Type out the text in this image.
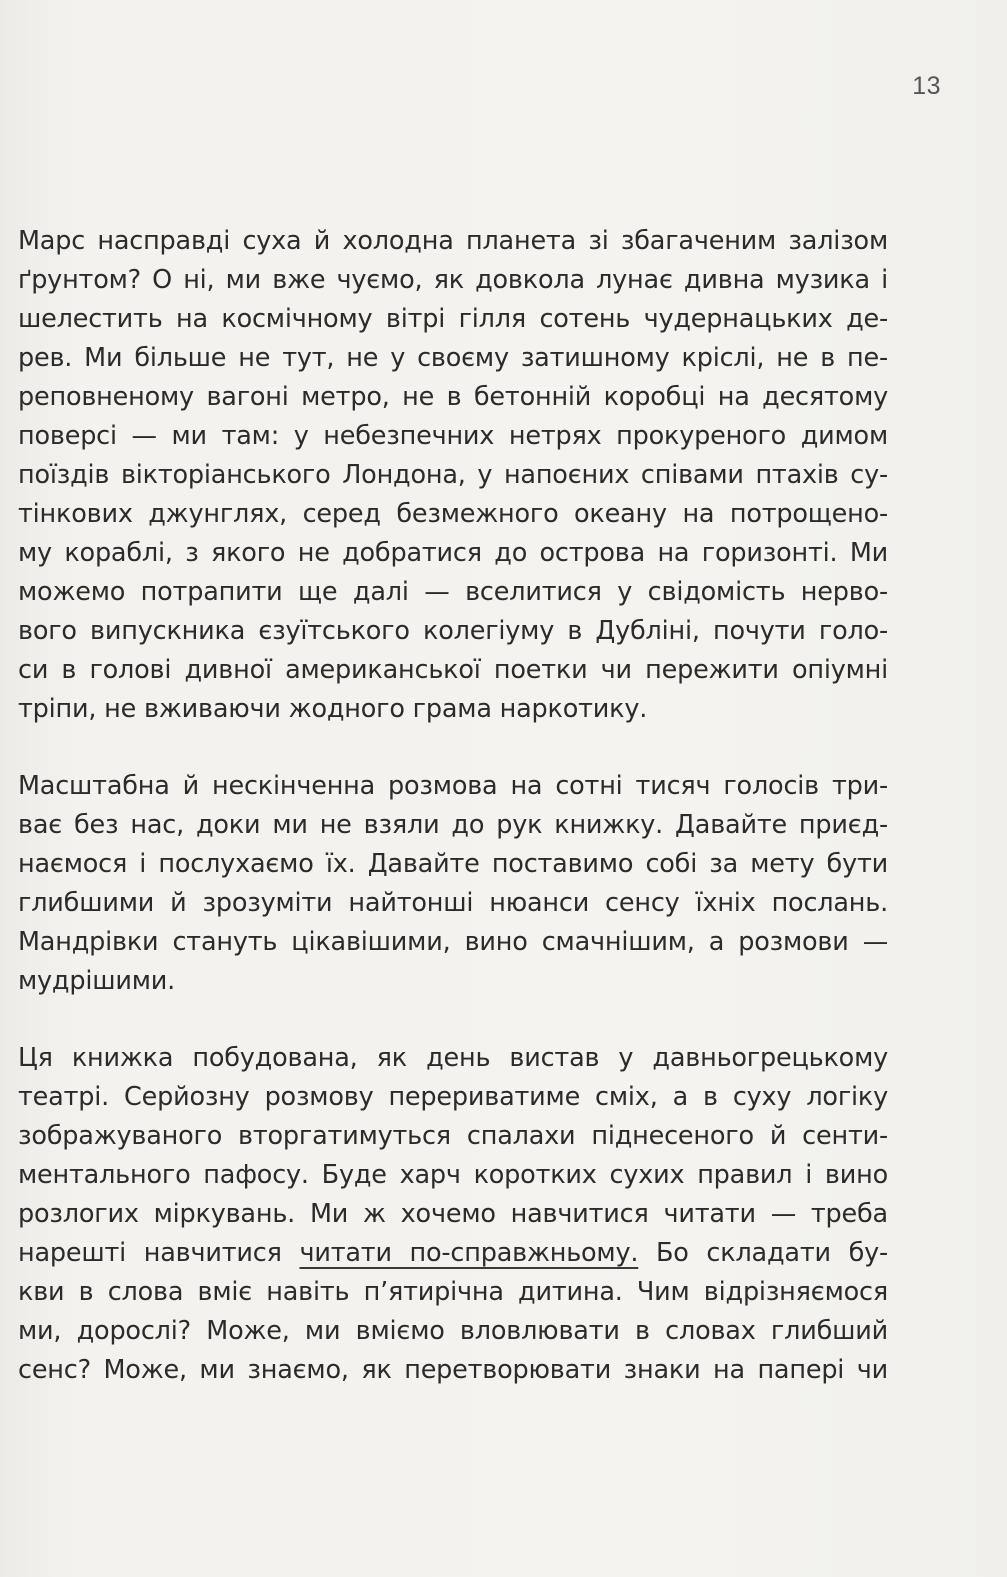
13
Марс насправді суха й холодна планета зі збагаченим залізом
ґрунтом? О ні, ми вже чуємо, як довкола лунає дивна музика і
шелестить на космічному вітрі гілля сотень чудернацьких де-
рев. Ми більше не тут, не у своєму затишному кріслі, не в пе-
реповненому вагоні метро, не в бетонній коробці на десятому
поверсі — ми там: у небезпечних нетрях прокуреного димом
поїздів вікторіанського Лондона, у напоєних співами птахів су-
тінкових джунглях, серед безмежного океану на потрощено-
му кораблі, з якого не добратися до острова на горизонті. Ми
можемо потрапити ще далі — вселитися у свідомість нерво-
вого випускника єзуїтського колегіуму в Дубліні, почути голо-
си в голові дивної американської поетки чи пережити опіумні
тріпи, не вживаючи жодного грама наркотику.
Масштабна й нескінченна розмова на сотні тисяч голосів три-
ває без нас, доки ми не взяли до рук книжку. Давайте приєд-
наємося і послухаємо їх. Давайте поставимо собі за мету бути
глибшими й зрозуміти найтонші нюанси сенсу їхніх послань.
Мандрівки стануть цікавішими, вино смачнішим, а розмови —
мудрішими.
Ця книжка побудована, як день вистав у давньогрецькому
театрі. Серйозну розмову перериватиме сміх, а в суху логіку
зображуваного вторгатимуться спалахи піднесеного й сенти-
ментального пафосу. Буде харч коротких сухих правил і вино
розлогих міркувань. Ми ж хочемо навчитися читати — треба
нарешті навчитися читати по-справжньому. Бо складати бу-
кви в слова вміє навіть п’ятирічна дитина. Чим відрізняємося
ми, дорослі? Може, ми вміємо вловлювати в словах глибший
сенс? Може, ми знаємо, як перетворювати знаки на папері чи
